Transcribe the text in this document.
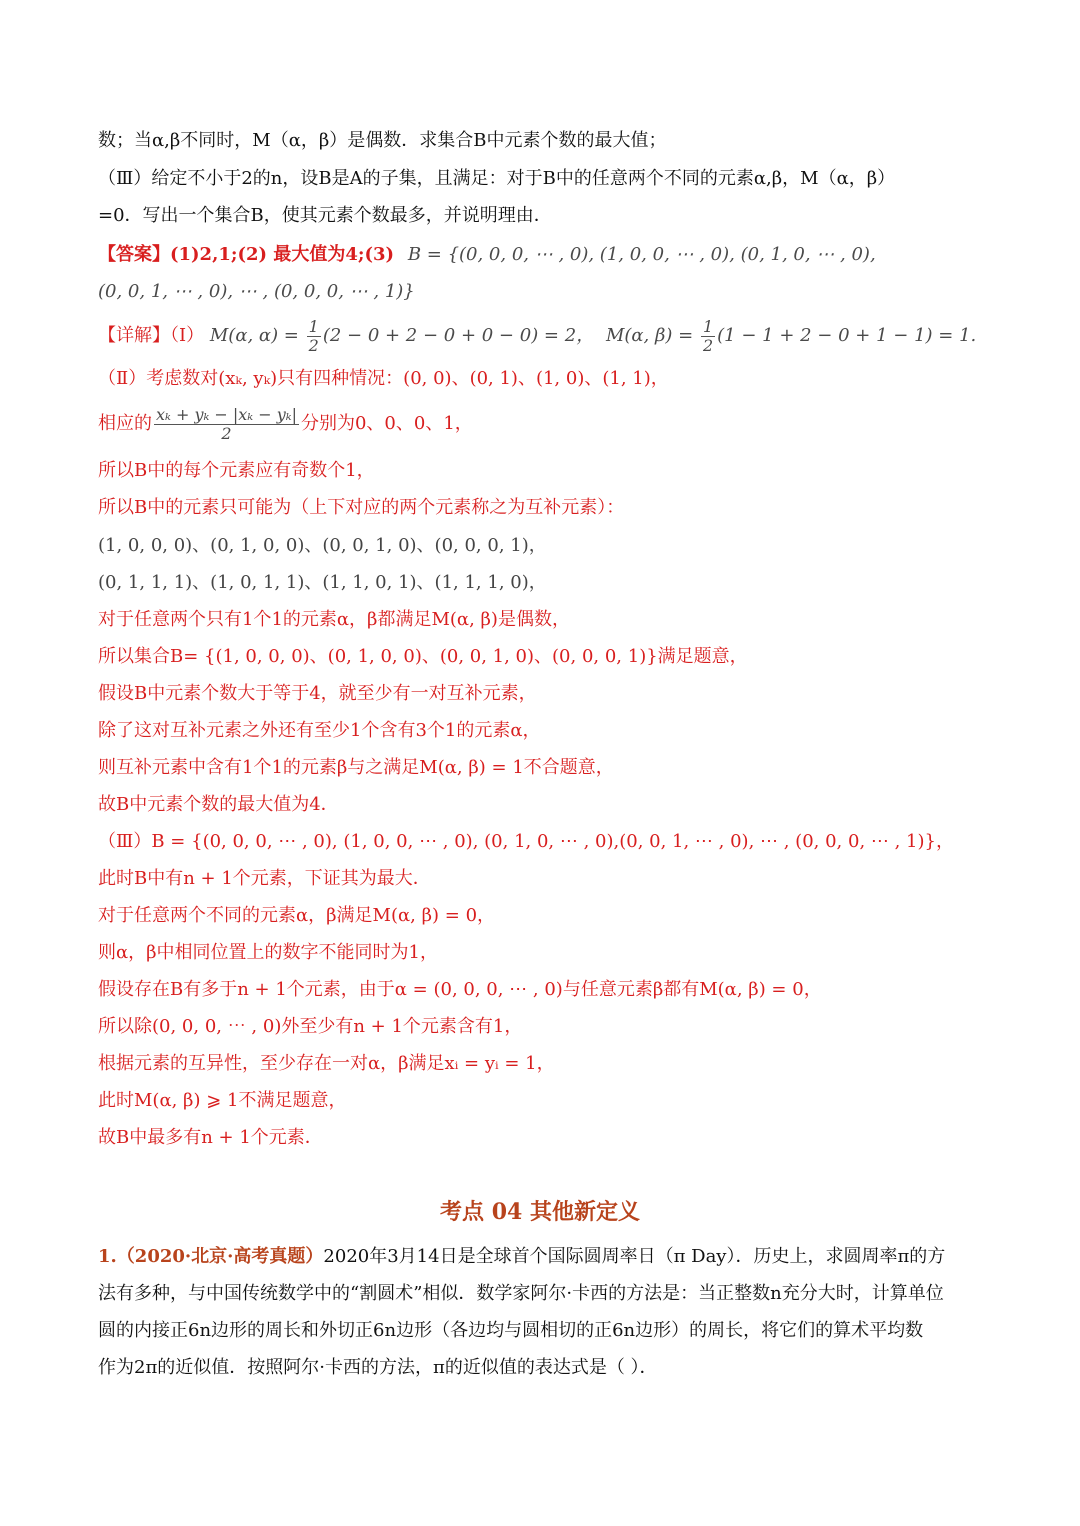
数；当α,β不同时，M（α，β）是偶数．求集合B中元素个数的最大值；
（Ⅲ）给定不小于2的n，设B是A的子集，且满足：对于B中的任意两个不同的元素α,β，M（α，β）
=0．写出一个集合B，使其元素个数最多，并说明理由．
【答案】(1)2,1;(2) 最大值为4;(3) B = {(0, 0, 0, ⋯ , 0), (1, 0, 0, ⋯ , 0), (0, 1, 0, ⋯ , 0),
(0, 0, 1, ⋯ , 0), ⋯ , (0, 0, 0, ⋯ , 1)}
【详解】（Ⅰ） M(α, $\alpha) = \frac{1}{2} (2 - 0 + 2 - 0 + 0 - 0) = 2$， M(α, $\beta) = \frac{1}{2} (1 - 1 + 2 - 0 + 1 - 1) = 1$.
（Ⅱ）考虑数对(xₖ, yₖ)只有四种情况：(0, 0)、(0, 1)、(1, 0)、(1, 1)，
相应的 $\frac{\text{xₖ + yₖ − |xₖ − yₖ|}}{2}$ 分别为0、0、0、1，
所以B中的每个元素应有奇数个1，
所以B中的元素只可能为（上下对应的两个元素称之为互补元素）：
(1, 0, 0, 0)、(0, 1, 0, 0)、(0, 0, 1, 0)、(0, 0, 0, 1)，
(0, 1, 1, 1)、(1, 0, 1, 1)、(1, 1, 0, 1)、(1, 1, 1, 0)，
对于任意两个只有1个1的元素α，β都满足M(α, β)是偶数，
所以集合B= {(1, 0, 0, 0)、(0, 1, 0, 0)、(0, 0, 1, 0)、(0, 0, 0, 1)}满足题意，
假设B中元素个数大于等于4，就至少有一对互补元素，
除了这对互补元素之外还有至少1个含有3个1的元素α，
则互补元素中含有1个1的元素β与之满足M(α, β) = 1不合题意，
故B中元素个数的最大值为4．
（Ⅲ）B = {(0, 0, 0, ⋯ , 0), (1, 0, 0, ⋯ , 0), (0, 1, 0, ⋯ , 0),(0, 0, 1, ⋯ , 0), ⋯ , (0, 0, 0, ⋯ , 1)}，
此时B中有n + 1个元素，下证其为最大．
对于任意两个不同的元素α，β满足M(α, β) = 0，
则α，β中相同位置上的数字不能同时为1，
假设存在B有多于n + 1个元素，由于α = (0, 0, 0, ⋯ , 0)与任意元素β都有M(α, β) = 0，
所以除(0, 0, 0, ⋯ , 0)外至少有n + 1个元素含有1，
根据元素的互异性，至少存在一对α，β满足xᵢ = yᵢ = 1，
此时M(α, β) ⩾ 1不满足题意，
故B中最多有n + 1个元素．
考点 04 其他新定义
1.（2020·北京·高考真题）2020年3月14日是全球首个国际圆周率日（π Day）．历史上，求圆周率π的方
法有多种，与中国传统数学中的“割圆术”相似．数学家阿尔·卡西的方法是：当正整数n充分大时，计算单位
圆的内接正6n边形的周长和外切正6n边形（各边均与圆相切的正6n边形）的周长，将它们的算术平均数
作为2π的近似值．按照阿尔·卡西的方法，π的近似值的表达式是（ ）．
